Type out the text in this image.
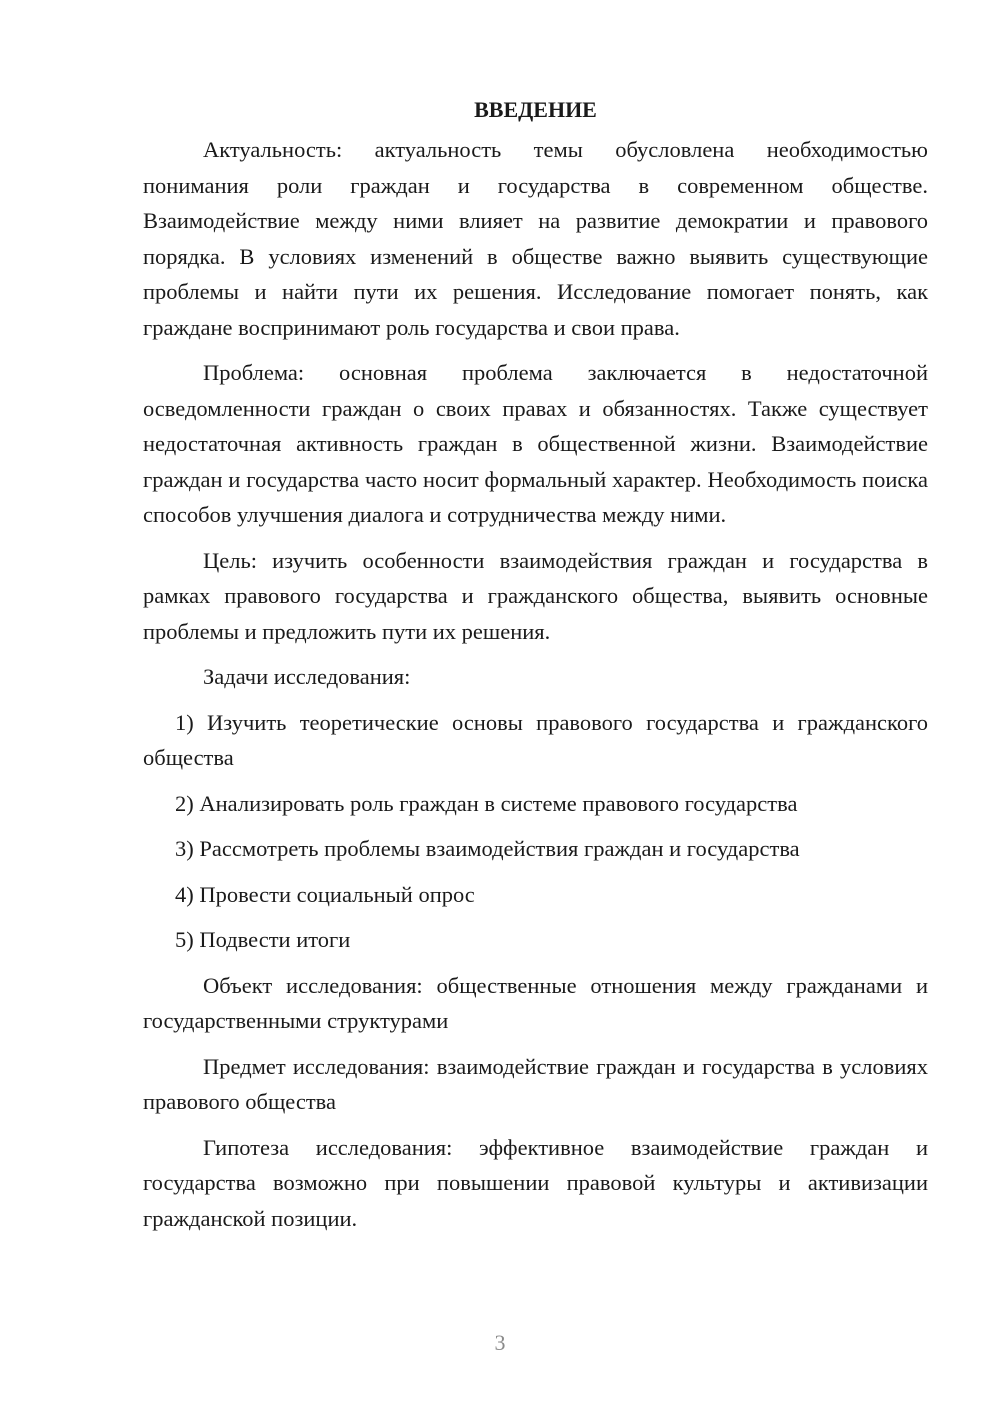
ВВЕДЕНИЕ

Актуальность: актуальность темы обусловлена необходимостью понимания роли граждан и государства в современном обществе. Взаимодействие между ними влияет на развитие демократии и правового порядка. В условиях изменений в обществе важно выявить существующие проблемы и найти пути их решения. Исследование помогает понять, как граждане воспринимают роль государства и свои права.

Проблема: основная проблема заключается в недостаточной осведомленности граждан о своих правах и обязанностях. Также существует недостаточная активность граждан в общественной жизни. Взаимодействие граждан и государства часто носит формальный характер. Необходимость поиска способов улучшения диалога и сотрудничества между ними.

Цель: изучить особенности взаимодействия граждан и государства в рамках правового государства и гражданского общества, выявить основные проблемы и предложить пути их решения.

Задачи исследования:

1) Изучить теоретические основы правового государства и гражданского общества

2) Анализировать роль граждан в системе правового государства

3) Рассмотреть проблемы взаимодействия граждан и государства

4) Провести социальный опрос

5) Подвести итоги

Объект исследования: общественные отношения между гражданами и государственными структурами

Предмет исследования: взаимодействие граждан и государства в условиях правового общества

Гипотеза исследования: эффективное взаимодействие граждан и государства возможно при повышении правовой культуры и активизации гражданской позиции.

3
